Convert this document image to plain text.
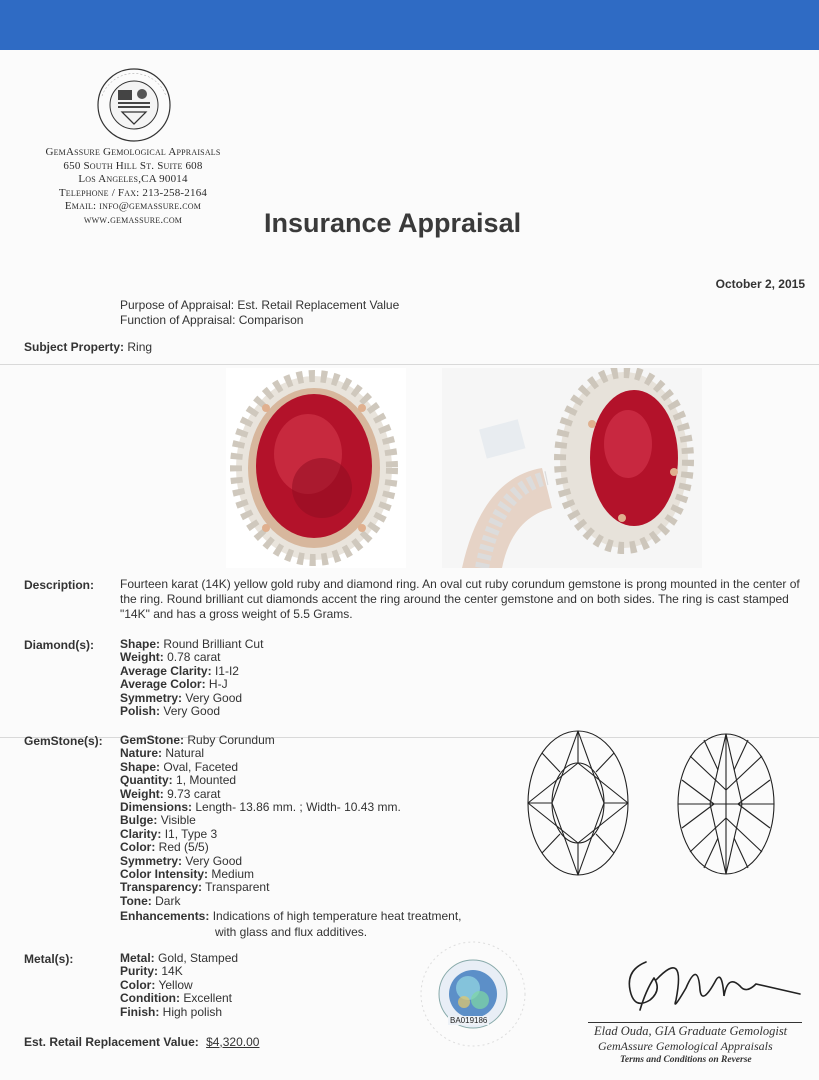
GemAssure Gemological Appraisals
650 South Hill St. Suite 608
Los Angeles,CA 90014
Telephone / Fax: 213-258-2164
Email: info@gemassure.com
www.gemassure.com	Insurance Appraisal
October 2, 2015
Purpose of Appraisal: Est. Retail Replacement Value
Function of Appraisal: Comparison
Subject Property: Ring
Description: Fourteen karat (14K) yellow gold ruby and diamond ring. An oval cut ruby corundum gemstone is prong mounted in the center of the ring. Round brilliant cut diamonds accent the ring around the center gemstone and on both sides. The ring is cast stamped "14K" and has a gross weight of 5.5 Grams.
Diamond(s): Shape: Round Brilliant Cut
Weight: 0.78 carat
Average Clarity: I1-I2
Average Color: H-J
Symmetry: Very Good
Polish: Very Good
GemStone(s): GemStone: Ruby Corundum
Nature: Natural
Shape: Oval, Faceted
Quantity: 1, Mounted
Weight: 9.73 carat
Dimensions: Length- 13.86 mm. ; Width- 10.43 mm.
Bulge: Visible
Clarity: I1, Type 3
Color: Red (5/5)
Symmetry: Very Good
Color Intensity: Medium
Transparency: Transparent
Tone: Dark
Enhancements: Indications of high temperature heat treatment,
with glass and flux additives.
Metal(s):	Metal: Gold, Stamped
Purity: 14K
Color: Yellow
Condition: Excellent
Finish: High polish
BA019186
Elad Ouda, GIA Graduate Gemologist
GemAssure Gemological Appraisals
Terms and Conditions on Reverse
Est. Retail Replacement Value: $4,320.00
